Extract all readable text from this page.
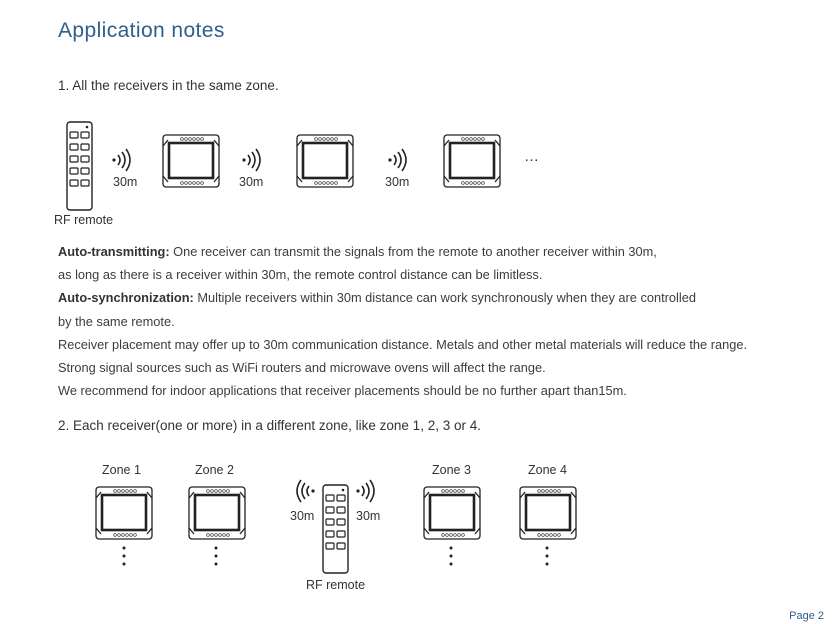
Application notes
1. All the receivers in the same zone.
RF remote
30m	30m	30m
…
Auto-transmitting: One receiver can transmit the signals from the remote to another receiver within 30m,
as long as there is a receiver within 30m, the remote control distance can be limitless.
Auto-synchronization: Multiple receivers within 30m distance can work synchronously when they are controlled
by the same remote.
Receiver placement may offer up to 30m communication distance. Metals and other metal materials will reduce the range.
Strong signal sources such as WiFi routers and microwave ovens will affect the range.
We recommend for indoor applications that receiver placements should be no further apart than15m.
2. Each receiver(one or more) in a different zone, like zone 1, 2, 3 or 4.
Zone 1	Zone 2
30m
RF remote
30m
Zone 3	Zone 4
Page 2
